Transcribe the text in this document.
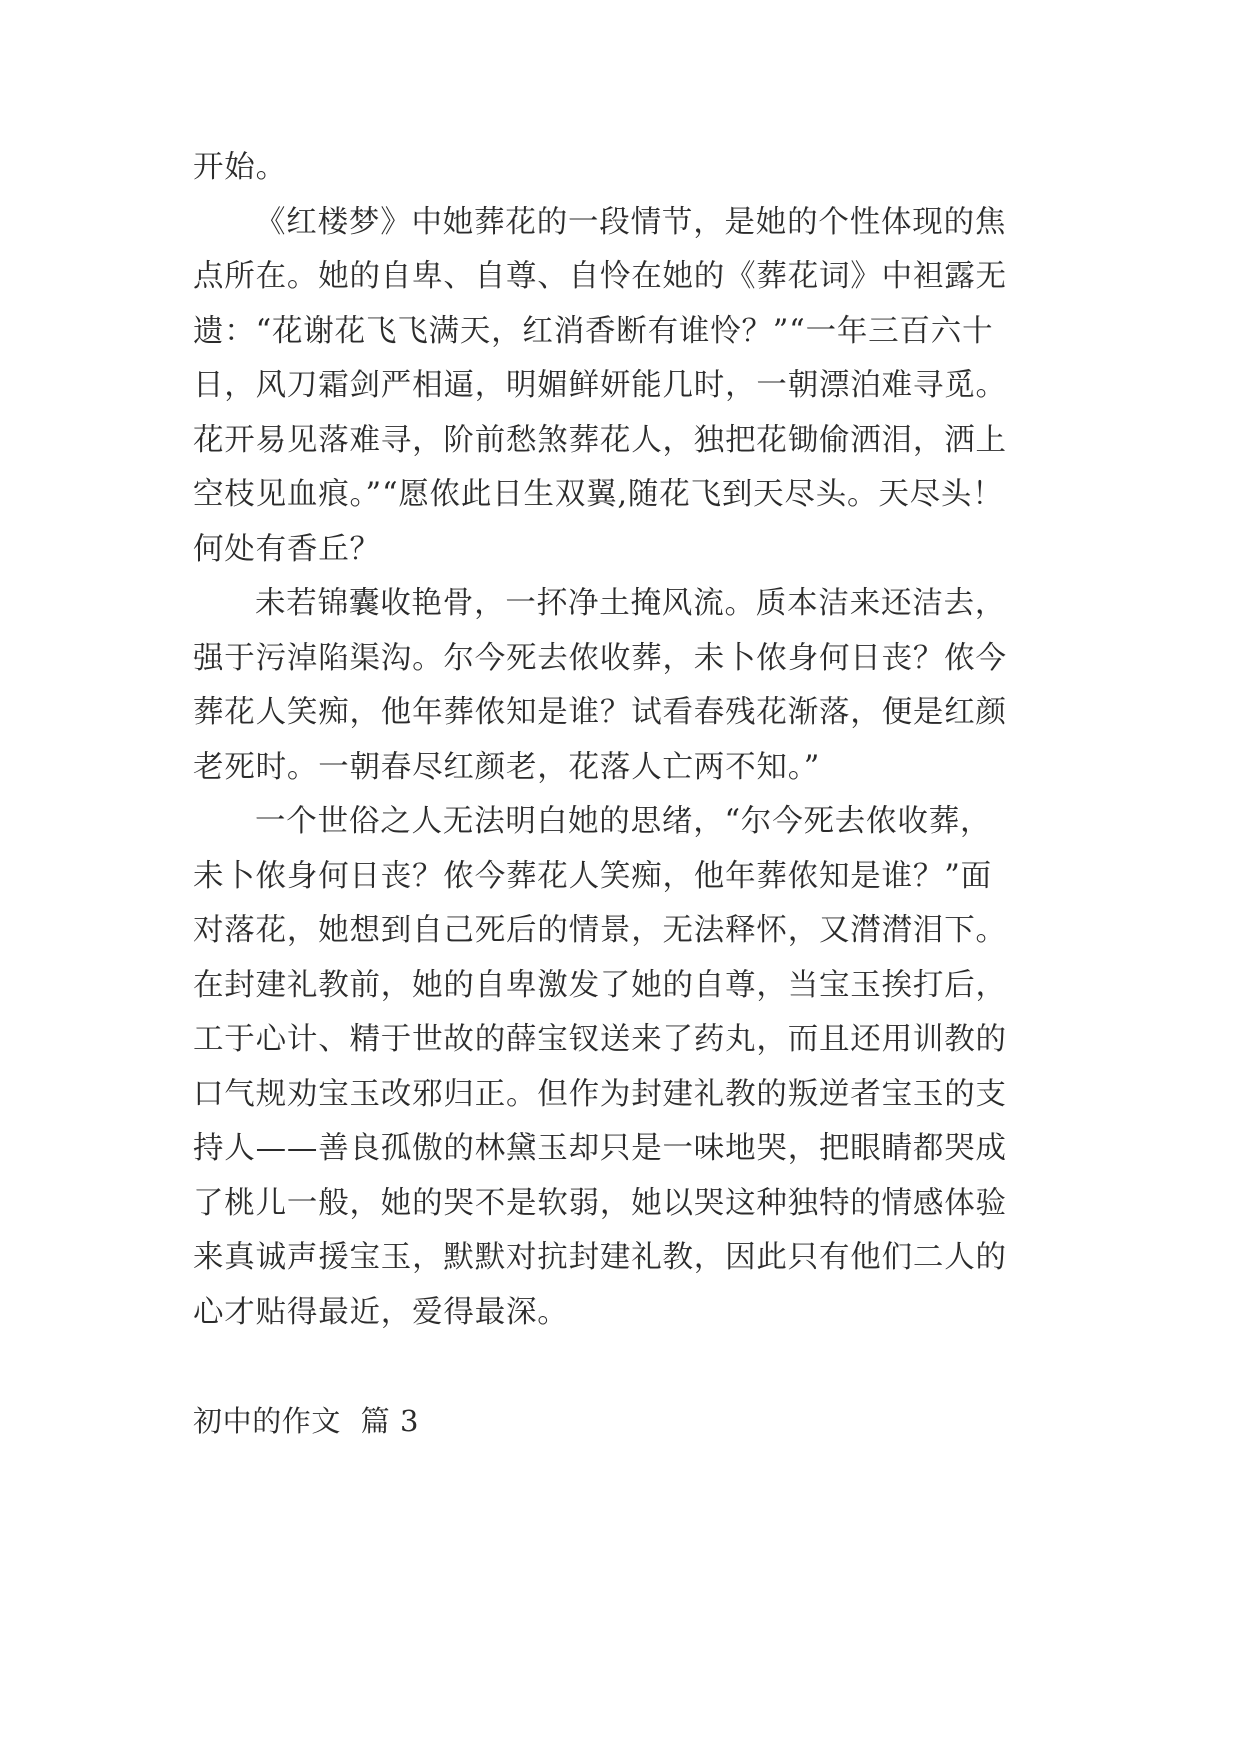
开始。
《红楼梦》中她葬花的一段情节，是她的个性体现的焦
点所在。她的自卑、自尊、自怜在她的《葬花词》中袒露无
遗：“花谢花飞飞满天，红消香断有谁怜？”“一年三百六十
日，风刀霜剑严相逼，明媚鲜妍能几时，一朝漂泊难寻觅。
花开易见落难寻，阶前愁煞葬花人，独把花锄偷洒泪，洒上
空枝见血痕。”“愿侬此日生双翼,随花飞到天尽头。天尽头！
何处有香丘？
未若锦囊收艳骨，一抔净土掩风流。质本洁来还洁去，
强于污淖陷渠沟。尔今死去侬收葬，未卜侬身何日丧？侬今
葬花人笑痴，他年葬侬知是谁？试看春残花渐落，便是红颜
老死时。一朝春尽红颜老，花落人亡两不知。”
一个世俗之人无法明白她的思绪，“尔今死去侬收葬，
未卜侬身何日丧？侬今葬花人笑痴，他年葬侬知是谁？”面
对落花，她想到自己死后的情景，无法释怀，又潸潸泪下。
在封建礼教前，她的自卑激发了她的自尊，当宝玉挨打后，
工于心计、精于世故的薛宝钗送来了药丸，而且还用训教的
口气规劝宝玉改邪归正。但作为封建礼教的叛逆者宝玉的支
持人——善良孤傲的林黛玉却只是一味地哭，把眼睛都哭成
了桃儿一般，她的哭不是软弱，她以哭这种独特的情感体验
来真诚声援宝玉，默默对抗封建礼教，因此只有他们二人的
心才贴得最近，爱得最深。
初中的作文  篇 3
